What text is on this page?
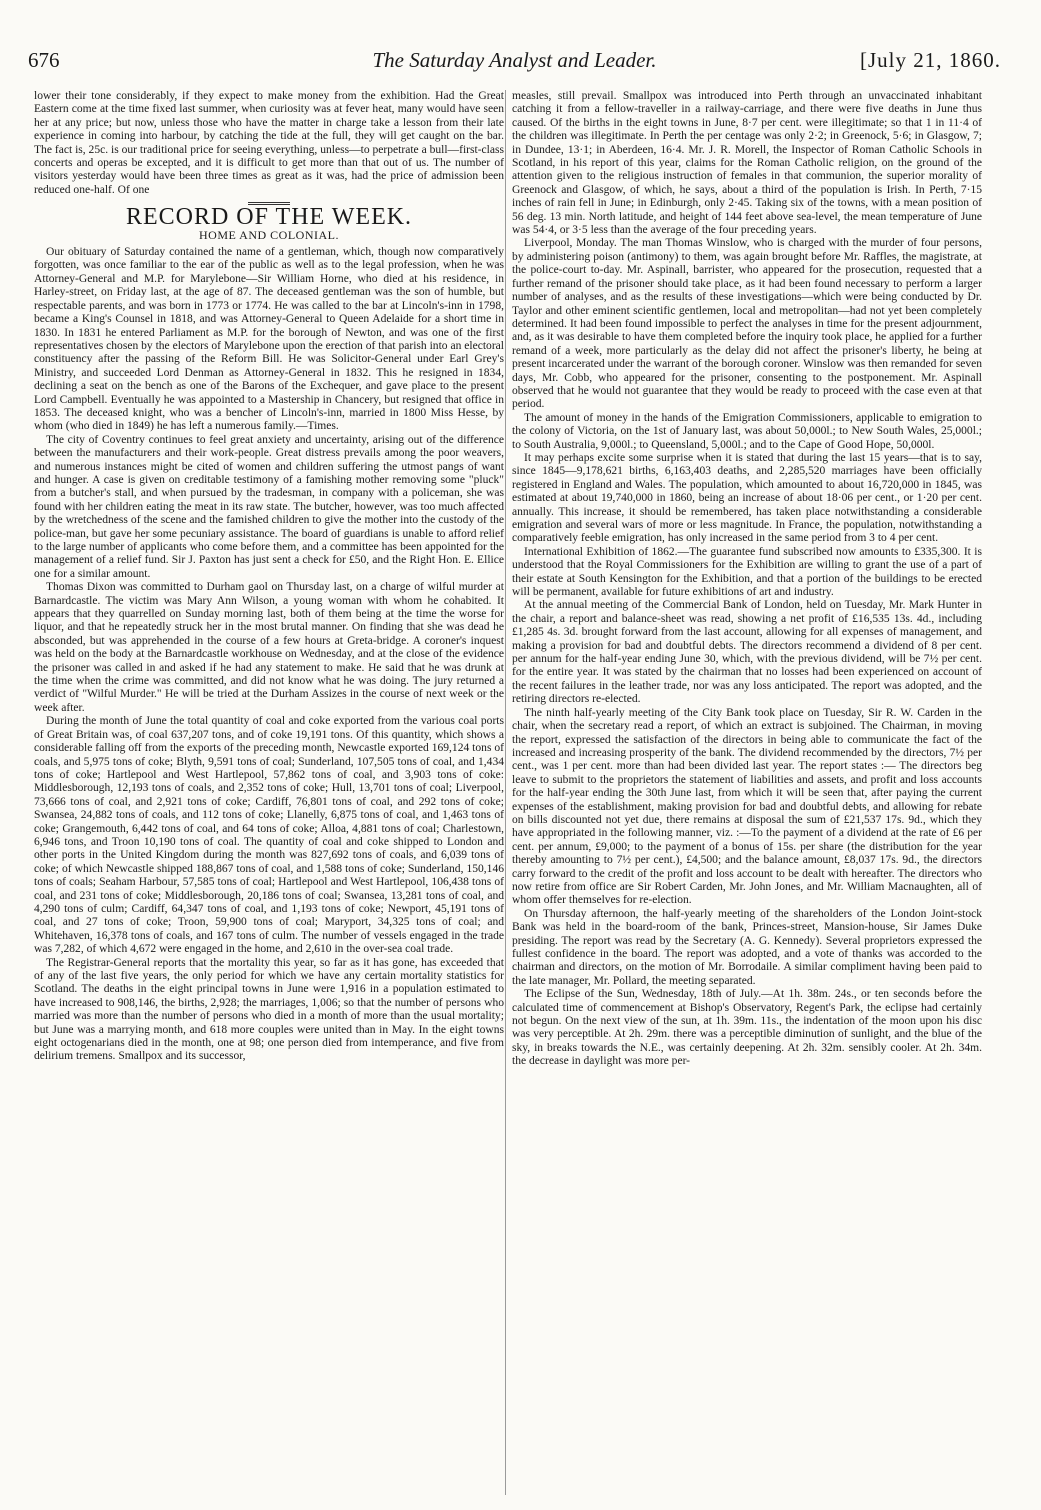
676	The Saturday Analyst and Leader.	[July 21, 1860.

lower their tone considerably, if they expect to make money from the exhibition. Had the Great Eastern come at the time fixed last summer, when curiosity was at fever heat, many would have seen her at any price; but now, unless those who have the matter in charge take a lesson from their late experience in coming into harbour, by catching the tide at the full, they will get caught on the bar. The fact is, 25c. is our traditional price for seeing everything, unless—to perpetrate a bull—first-class concerts and operas be excepted, and it is difficult to get more than that out of us. The number of visitors yesterday would have been three times as great as it was, had the price of admission been reduced one-half. Of one

RECORD OF THE WEEK.
HOME AND COLONIAL.

Our obituary of Saturday contained the name of a gentleman, which, though now comparatively forgotten, was once familiar to the ear of the public as well as to the legal profession, when he was Attorney-General and M.P. for Marylebone—Sir William Horne, who died at his residence, in Harley-street, on Friday last, at the age of 87. The deceased gentleman was the son of humble, but respectable parents, and was born in 1773 or 1774. He was called to the bar at Lincoln's-inn in 1798, became a King's Counsel in 1818, and was Attorney-General to Queen Adelaide for a short time in 1830. In 1831 he entered Parliament as M.P. for the borough of Newton, and was one of the first representatives chosen by the electors of Marylebone upon the erection of that parish into an electoral constituency after the passing of the Reform Bill. He was Solicitor-General under Earl Grey's Ministry, and succeeded Lord Denman as Attorney-General in 1832. This he resigned in 1834, declining a seat on the bench as one of the Barons of the Exchequer, and gave place to the present Lord Campbell. Eventually he was appointed to a Mastership in Chancery, but resigned that office in 1853. The deceased knight, who was a bencher of Lincoln's-inn, married in 1800 Miss Hesse, by whom (who died in 1849) he has left a numerous family.—Times.

The city of Coventry continues to feel great anxiety and uncertainty, arising out of the difference between the manufacturers and their work-people. Great distress prevails among the poor weavers, and numerous instances might be cited of women and children suffering the utmost pangs of want and hunger. A case is given on creditable testimony of a famishing mother removing some "pluck" from a butcher's stall, and when pursued by the tradesman, in company with a policeman, she was found with her children eating the meat in its raw state. The butcher, however, was too much affected by the wretchedness of the scene and the famished children to give the mother into the custody of the police-man, but gave her some pecuniary assistance. The board of guardians is unable to afford relief to the large number of applicants who come before them, and a committee has been appointed for the management of a relief fund. Sir J. Paxton has just sent a check for £50, and the Right Hon. E. Ellice one for a similar amount.

Thomas Dixon was committed to Durham gaol on Thursday last, on a charge of wilful murder at Barnardcastle. The victim was Mary Ann Wilson, a young woman with whom he cohabited. It appears that they quarrelled on Sunday morning last, both of them being at the time the worse for liquor, and that he repeatedly struck her in the most brutal manner. On finding that she was dead he absconded, but was apprehended in the course of a few hours at Greta-bridge. A coroner's inquest was held on the body at the Barnardcastle workhouse on Wednesday, and at the close of the evidence the prisoner was called in and asked if he had any statement to make. He said that he was drunk at the time when the crime was committed, and did not know what he was doing. The jury returned a verdict of "Wilful Murder." He will be tried at the Durham Assizes in the course of next week or the week after.

During the month of June the total quantity of coal and coke exported from the various coal ports of Great Britain was, of coal 637,207 tons, and of coke 19,191 tons. Of this quantity, which shows a considerable falling off from the exports of the preceding month, Newcastle exported 169,124 tons of coals, and 5,975 tons of coke; Blyth, 9,591 tons of coal; Sunderland, 107,505 tons of coal, and 1,434 tons of coke; Hartlepool and West Hartlepool, 57,862 tons of coal, and 3,903 tons of coke: Middlesborough, 12,193 tons of coals, and 2,352 tons of coke; Hull, 13,701 tons of coal; Liverpool, 73,666 tons of coal, and 2,921 tons of coke; Cardiff, 76,801 tons of coal, and 292 tons of coke; Swansea, 24,882 tons of coals, and 112 tons of coke; Llanelly, 6,875 tons of coal, and 1,463 tons of coke; Grangemouth, 6,442 tons of coal, and 64 tons of coke; Alloa, 4,881 tons of coal; Charlestown, 6,946 tons, and Troon 10,190 tons of coal. The quantity of coal and coke shipped to London and other ports in the United Kingdom during the month was 827,692 tons of coals, and 6,039 tons of coke; of which Newcastle shipped 188,867 tons of coal, and 1,588 tons of coke; Sunderland, 150,146 tons of coals; Seaham Harbour, 57,585 tons of coal; Hartlepool and West Hartlepool, 106,438 tons of coal, and 231 tons of coke; Middlesborough, 20,186 tons of coal; Swansea, 13,281 tons of coal, and 4,290 tons of culm; Cardiff, 64,347 tons of coal, and 1,193 tons of coke; Newport, 45,191 tons of coal, and 27 tons of coke; Troon, 59,900 tons of coal; Maryport, 34,325 tons of coal; and Whitehaven, 16,378 tons of coals, and 167 tons of culm. The number of vessels engaged in the trade was 7,282, of which 4,672 were engaged in the home, and 2,610 in the over-sea coal trade.

The Registrar-General reports that the mortality this year, so far as it has gone, has exceeded that of any of the last five years, the only period for which we have any certain mortality statistics for Scotland. The deaths in the eight principal towns in June were 1,916 in a population estimated to have increased to 908,146, the births, 2,928; the marriages, 1,006; so that the number of persons who married was more than the number of persons who died in a month of more than the usual mortality; but June was a marrying month, and 618 more couples were united than in May. In the eight towns eight octogenarians died in the month, one at 98; one person died from intemperance, and five from delirium tremens. Smallpox and its successor,

measles, still prevail. Smallpox was introduced into Perth through an unvaccinated inhabitant catching it from a fellow-traveller in a railway-carriage, and there were five deaths in June thus caused. Of the births in the eight towns in June, 8·7 per cent. were illegitimate; so that 1 in 11·4 of the children was illegitimate. In Perth the per centage was only 2·2; in Greenock, 5·6; in Glasgow, 7; in Dundee, 13·1; in Aberdeen, 16·4. Mr. J. R. Morell, the Inspector of Roman Catholic Schools in Scotland, in his report of this year, claims for the Roman Catholic religion, on the ground of the attention given to the religious instruction of females in that communion, the superior morality of Greenock and Glasgow, of which, he says, about a third of the population is Irish. In Perth, 7·15 inches of rain fell in June; in Edinburgh, only 2·45. Taking six of the towns, with a mean position of 56 deg. 13 min. North latitude, and height of 144 feet above sea-level, the mean temperature of June was 54·4, or 3·5 less than the average of the four preceding years.

Liverpool, Monday. The man Thomas Winslow, who is charged with the murder of four persons, by administering poison (antimony) to them, was again brought before Mr. Raffles, the magistrate, at the police-court to-day. Mr. Aspinall, barrister, who appeared for the prosecution, requested that a further remand of the prisoner should take place, as it had been found necessary to perform a larger number of analyses, and as the results of these investigations—which were being conducted by Dr. Taylor and other eminent scientific gentlemen, local and metropolitan—had not yet been completely determined. It had been found impossible to perfect the analyses in time for the present adjournment, and, as it was desirable to have them completed before the inquiry took place, he applied for a further remand of a week, more particularly as the delay did not affect the prisoner's liberty, he being at present incarcerated under the warrant of the borough coroner. Winslow was then remanded for seven days, Mr. Cobb, who appeared for the prisoner, consenting to the postponement. Mr. Aspinall observed that he would not guarantee that they would be ready to proceed with the case even at that period.

The amount of money in the hands of the Emigration Commissioners, applicable to emigration to the colony of Victoria, on the 1st of January last, was about 50,000l.; to New South Wales, 25,000l.; to South Australia, 9,000l.; to Queensland, 5,000l.; and to the Cape of Good Hope, 50,000l.

It may perhaps excite some surprise when it is stated that during the last 15 years—that is to say, since 1845—9,178,621 births, 6,163,403 deaths, and 2,285,520 marriages have been officially registered in England and Wales. The population, which amounted to about 16,720,000 in 1845, was estimated at about 19,740,000 in 1860, being an increase of about 18·06 per cent., or 1·20 per cent. annually. This increase, it should be remembered, has taken place notwithstanding a considerable emigration and several wars of more or less magnitude. In France, the population, notwithstanding a comparatively feeble emigration, has only increased in the same period from 3 to 4 per cent.

International Exhibition of 1862.—The guarantee fund subscribed now amounts to £335,300. It is understood that the Royal Commissioners for the Exhibition are willing to grant the use of a part of their estate at South Kensington for the Exhibition, and that a portion of the buildings to be erected will be permanent, available for future exhibitions of art and industry.

At the annual meeting of the Commercial Bank of London, held on Tuesday, Mr. Mark Hunter in the chair, a report and balance-sheet was read, showing a net profit of £16,535 13s. 4d., including £1,285 4s. 3d. brought forward from the last account, allowing for all expenses of management, and making a provision for bad and doubtful debts. The directors recommend a dividend of 8 per cent. per annum for the half-year ending June 30, which, with the previous dividend, will be 7½ per cent. for the entire year. It was stated by the chairman that no losses had been experienced on account of the recent failures in the leather trade, nor was any loss anticipated. The report was adopted, and the retiring directors re-elected.

The ninth half-yearly meeting of the City Bank took place on Tuesday, Sir R. W. Carden in the chair, when the secretary read a report, of which an extract is subjoined. The Chairman, in moving the report, expressed the satisfaction of the directors in being able to communicate the fact of the increased and increasing prosperity of the bank. The dividend recommended by the directors, 7½ per cent., was 1 per cent. more than had been divided last year. The report states :— The directors beg leave to submit to the proprietors the statement of liabilities and assets, and profit and loss accounts for the half-year ending the 30th June last, from which it will be seen that, after paying the current expenses of the establishment, making provision for bad and doubtful debts, and allowing for rebate on bills discounted not yet due, there remains at disposal the sum of £21,537 17s. 9d., which they have appropriated in the following manner, viz. :—To the payment of a dividend at the rate of £6 per cent. per annum, £9,000; to the payment of a bonus of 15s. per share (the distribution for the year thereby amounting to 7½ per cent.), £4,500; and the balance amount, £8,037 17s. 9d., the directors carry forward to the credit of the profit and loss account to be dealt with hereafter. The directors who now retire from office are Sir Robert Carden, Mr. John Jones, and Mr. William Macnaughten, all of whom offer themselves for re-election.

On Thursday afternoon, the half-yearly meeting of the shareholders of the London Joint-stock Bank was held in the board-room of the bank, Princes-street, Mansion-house, Sir James Duke presiding. The report was read by the Secretary (A. G. Kennedy). Several proprietors expressed the fullest confidence in the board. The report was adopted, and a vote of thanks was accorded to the chairman and directors, on the motion of Mr. Borrodaile. A similar compliment having been paid to the late manager, Mr. Pollard, the meeting separated.

The Eclipse of the Sun, Wednesday, 18th of July.—At 1h. 38m. 24s., or ten seconds before the calculated time of commencement at Bishop's Observatory, Regent's Park, the eclipse had certainly not begun. On the next view of the sun, at 1h. 39m. 11s., the indentation of the moon upon his disc was very perceptible. At 2h. 29m. there was a perceptible diminution of sunlight, and the blue of the sky, in breaks towards the N.E., was certainly deepening. At 2h. 32m. sensibly cooler. At 2h. 34m. the decrease in daylight was more per-
